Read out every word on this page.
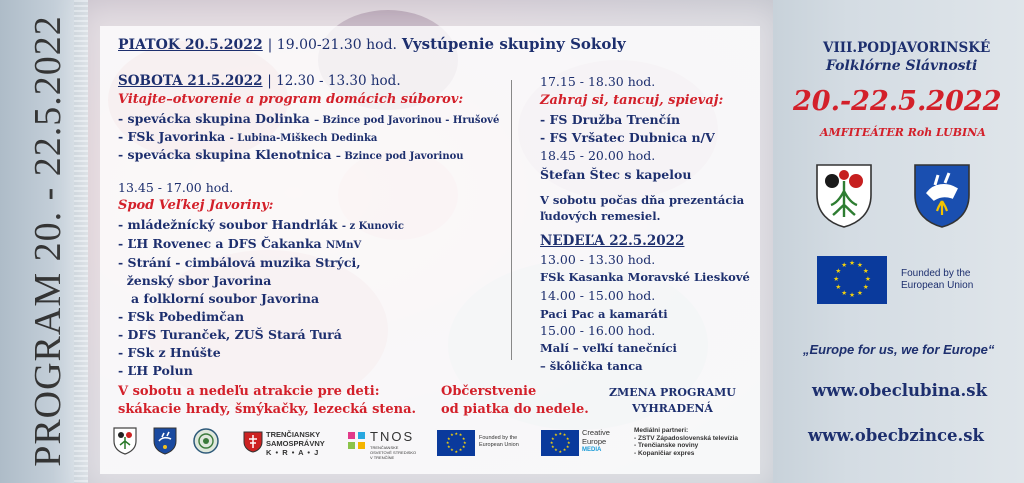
PROGRAM 20. - 22.5.2022	PIATOK 20.5.2022 | 19.00-21.30 hod. Vystúpenie skupiny Sokoly
SOBOTA 21.5.2022 | 12.30 - 13.30 hod.
Vitajte–otvorenie a program domácich súborov:
- spevácka skupina Dolinka – Bzince pod Javorinou - Hrušové
- FSk Javorinka - Lubina-Miškech Dedinka
- spevácka skupina Klenotnica – Bzince pod Javorinou
13.45 - 17.00 hod.
Spod Veľkej Javoriny:
- mládežnícký soubor Handrlák - z Kunovic
- ĽH Rovenec a DFS Čakanka NMnV
- Strání - cimbálová muzika Strýci,
ženský sbor Javorina
a folklorní soubor Javorina
- FSk Pobedimčan
- DFS Turanček, ZUŠ Stará Turá
- FSk z Hnúšte
- ĽH Polun
17.15 - 18.30 hod.
Zahraj si, tancuj, spievaj:
- FS Družba Trenčín
- FS Vršatec Dubnica n/V
18.45 - 20.00 hod.
Štefan Štec s kapelou
V sobotu počas dňa prezentácia
ľudových remesiel.
NEDEĽA 22.5.2022
13.00 - 13.30 hod.
FSk Kasanka Moravské Lieskové
14.00 - 15.00 hod.
Paci Pac a kamaráti
15.00 - 16.00 hod.
Malí – veľkí tanečníci
– škôlička tanca
V sobotu a nedeľu atrakcie pre deti:
skákacie hrady, šmýkačky, lezecká stena.
Občerstvenie
od piatka do nedele.
ZMENA PROGRAMU
VYHRADENÁ
TRENČIANSKY
SAMOSPRÁVNY
K • R • A • J
TNOS
TRENČIANSKE OSVETOVÉ STREDISKO V TRENČÍNE
★
★
★
★
★
★
★
★
★ ★ ★
★ Founded by the
European Union	★
★
★
★
★
★
★
★
★ ★ ★
★
Creative
Europe
MEDIA
Mediálni partneri:
- ZSTV Západoslovenská televízia
- Trenčianske noviny
- Kopaničiar expres
VIII.PODJAVORINSKÉ
Folklórne Slávnosti
20.-22.5.2022
AMFITEÁTER Roh LUBINA
★
★
★
★
★
★
★
★
★ ★ ★
★	Founded by the
European Union
„Europe for us, we for Europe“
www.obeclubina.sk
www.obecbzince.sk
